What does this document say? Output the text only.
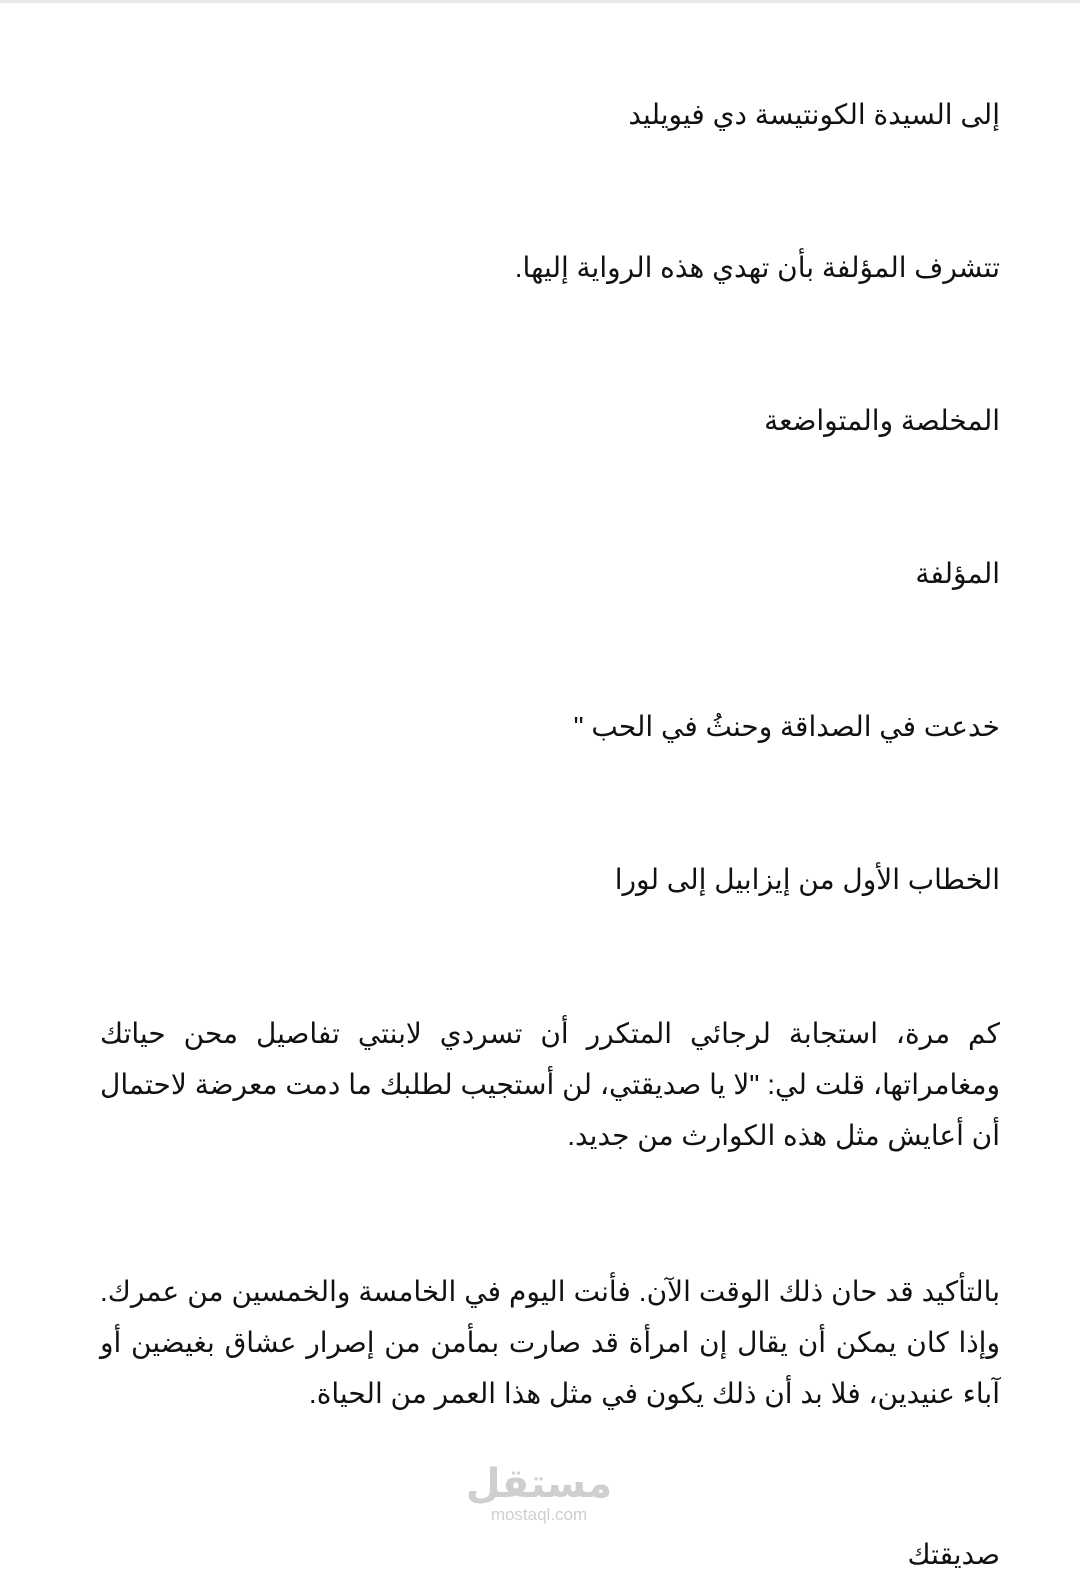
إلى السيدة الكونتيسة دي فيويليد
تتشرف المؤلفة بأن تهدي هذه الرواية إليها.
المخلصة والمتواضعة
المؤلفة
خدعت في الصداقة وحنثُ في الحب "
الخطاب الأول من إيزابيل إلى لورا
كم مرة، استجابة لرجائي المتكرر أن تسردي لابنتي تفاصيل محن حياتك ومغامراتها، قلت لي: "لا يا صديقتي، لن أستجيب لطلبك ما دمت معرضة لاحتمال أن أعايش مثل هذه الكوارث من جديد.
بالتأكيد قد حان ذلك الوقت الآن. فأنت اليوم في الخامسة والخمسين من عمرك. وإذا كان يمكن أن يقال إن امرأة قد صارت بمأمن من إصرار عشاق بغيضين أو آباء عنيدين، فلا بد أن ذلك يكون في مثل هذا العمر من الحياة.
صديقتك
مستقل
mostaql.com
